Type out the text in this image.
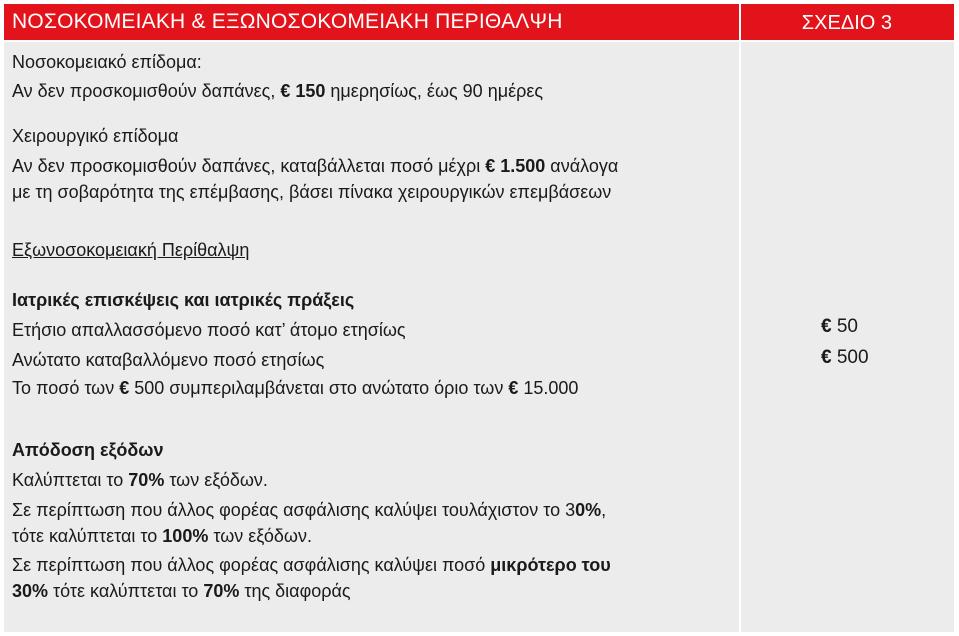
ΝΟΣΟΚΟΜΕΙΑΚΗ & ΕΞΩΝΟΣΟΚΟΜΕΙΑΚΗ ΠΕΡΙΘΑΛΨΗ	ΣΧΕΔΙΟ 3
Νοσοκομειακό επίδομα:
Αν δεν προσκομισθούν δαπάνες, € 150 ημερησίως, έως 90 ημέρες
Χειρουργικό επίδομα
Αν δεν προσκομισθούν δαπάνες, καταβάλλεται ποσό μέχρι € 1.500 ανάλογα
με τη σοβαρότητα της επέμβασης, βάσει πίνακα χειρουργικών επεμβάσεων
Εξωνοσοκομειακή Περίθαλψη
Ιατρικές επισκέψεις και ιατρικές πράξεις
Ετήσιο απαλλασσόμενο ποσό κατ’ άτομο ετησίως
Ανώτατο καταβαλλόμενο ποσό ετησίως
Το ποσό των € 500 συμπεριλαμβάνεται στο ανώτατο όριο των € 15.000
Απόδοση εξόδων
Καλύπτεται το 70% των εξόδων.
Σε περίπτωση που άλλος φορέας ασφάλισης καλύψει τουλάχιστον το 30%,
τότε καλύπτεται το 100% των εξόδων.
Σε περίπτωση που άλλος φορέας ασφάλισης καλύψει ποσό μικρότερο του
30% τότε καλύπτεται το 70% της διαφοράς
€ 50
€ 500
